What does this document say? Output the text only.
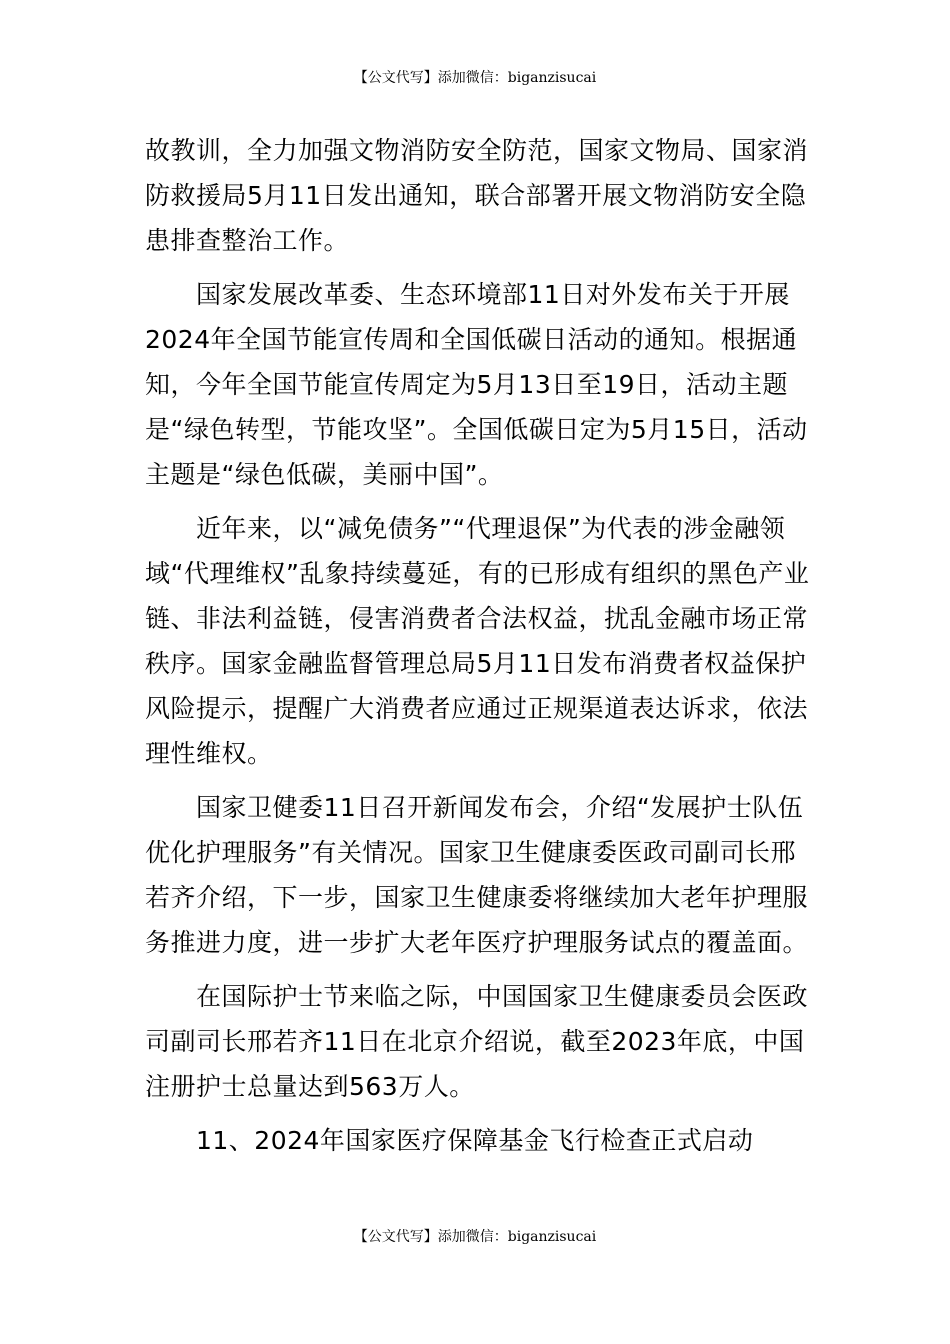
【公文代写】添加微信：biganzisucai

故教训，全力加强文物消防安全防范，国家文物局、国家消防救援局5月11日发出通知，联合部署开展文物消防安全隐患排查整治工作。

国家发展改革委、生态环境部11日对外发布关于开展2024年全国节能宣传周和全国低碳日活动的通知。根据通知，今年全国节能宣传周定为5月13日至19日，活动主题是“绿色转型，节能攻坚”。全国低碳日定为5月15日，活动主题是“绿色低碳，美丽中国”。

近年来，以“减免债务”“代理退保”为代表的涉金融领域“代理维权”乱象持续蔓延，有的已形成有组织的黑色产业链、非法利益链，侵害消费者合法权益，扰乱金融市场正常秩序。国家金融监督管理总局5月11日发布消费者权益保护风险提示，提醒广大消费者应通过正规渠道表达诉求，依法理性维权。

国家卫健委11日召开新闻发布会，介绍“发展护士队伍优化护理服务”有关情况。国家卫生健康委医政司副司长邢若齐介绍，下一步，国家卫生健康委将继续加大老年护理服务推进力度，进一步扩大老年医疗护理服务试点的覆盖面。

在国际护士节来临之际，中国国家卫生健康委员会医政司副司长邢若齐11日在北京介绍说，截至2023年底，中国注册护士总量达到563万人。

11、2024年国家医疗保障基金飞行检查正式启动

【公文代写】添加微信：biganzisucai
